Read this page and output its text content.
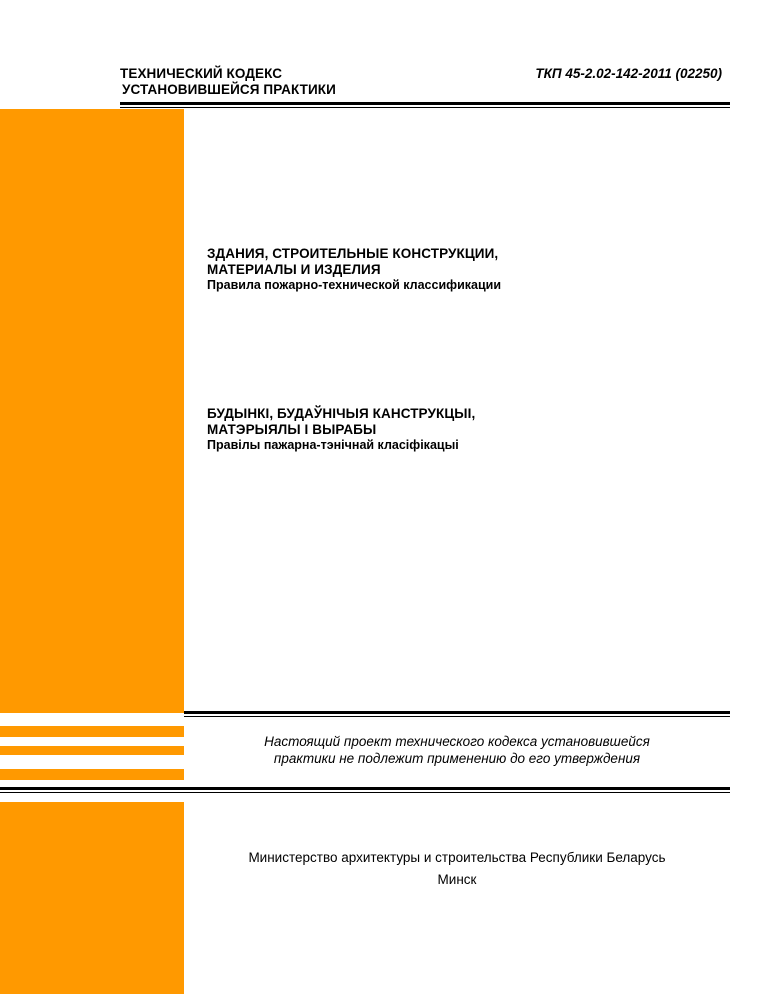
ТЕХНИЧЕСКИЙ КОДЕКС
УСТАНОВИВШЕЙСЯ ПРАКТИКИ
ТКП 45-2.02-142-2011 (02250)
ЗДАНИЯ, СТРОИТЕЛЬНЫЕ КОНСТРУКЦИИ,
МАТЕРИАЛЫ И ИЗДЕЛИЯ
Правила пожарно-технической классификации
БУДЫНКІ, БУДАЎНІЧЫЯ КАНСТРУКЦЫІ,
МАТЭРЫЯЛЫ І ВЫРАБЫ
Правілы пажарна-тэнічнай класіфікацыі
Настоящий проект технического кодекса установившейся
практики не подлежит применению до его утверждения
Министерство архитектуры и строительства Республики Беларусь
Минск
